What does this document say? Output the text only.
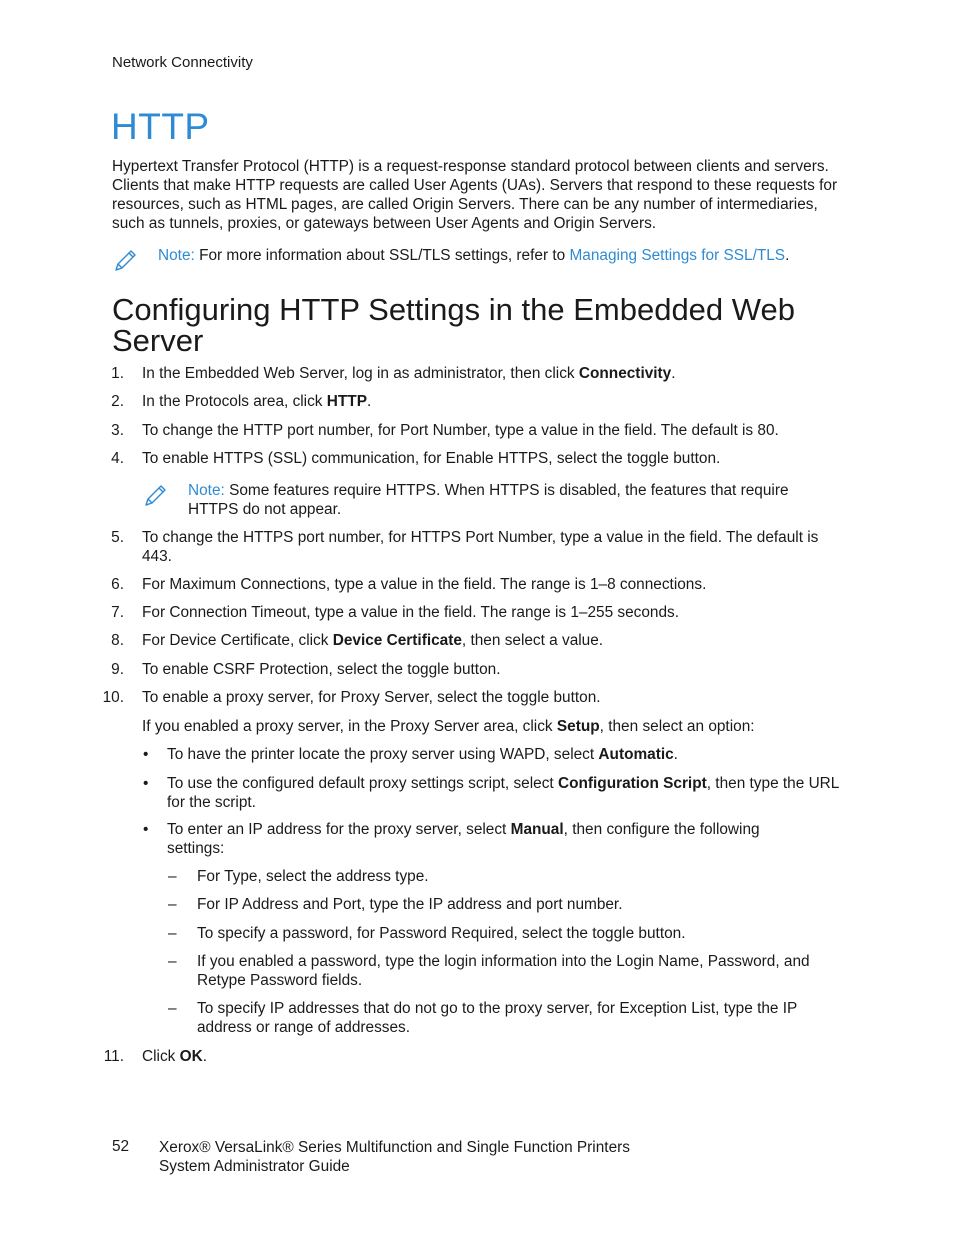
Network Connectivity
HTTP
Hypertext Transfer Protocol (HTTP) is a request-response standard protocol between clients and servers. Clients that make HTTP requests are called User Agents (UAs). Servers that respond to these requests for resources, such as HTML pages, are called Origin Servers. There can be any number of intermediaries, such as tunnels, proxies, or gateways between User Agents and Origin Servers.
Note: For more information about SSL/TLS settings, refer to Managing Settings for SSL/TLS.
Configuring HTTP Settings in the Embedded Web Server
1. In the Embedded Web Server, log in as administrator, then click Connectivity.
2. In the Protocols area, click HTTP.
3. To change the HTTP port number, for Port Number, type a value in the field. The default is 80.
4. To enable HTTPS (SSL) communication, for Enable HTTPS, select the toggle button.
Note: Some features require HTTPS. When HTTPS is disabled, the features that require HTTPS do not appear.
5. To change the HTTPS port number, for HTTPS Port Number, type a value in the field. The default is 443.
6. For Maximum Connections, type a value in the field. The range is 1–8 connections.
7. For Connection Timeout, type a value in the field. The range is 1–255 seconds.
8. For Device Certificate, click Device Certificate, then select a value.
9. To enable CSRF Protection, select the toggle button.
10. To enable a proxy server, for Proxy Server, select the toggle button.
If you enabled a proxy server, in the Proxy Server area, click Setup, then select an option:
• To have the printer locate the proxy server using WAPD, select Automatic.
• To use the configured default proxy settings script, select Configuration Script, then type the URL for the script.
• To enter an IP address for the proxy server, select Manual, then configure the following settings:
– For Type, select the address type.
– For IP Address and Port, type the IP address and port number.
– To specify a password, for Password Required, select the toggle button.
– If you enabled a password, type the login information into the Login Name, Password, and Retype Password fields.
– To specify IP addresses that do not go to the proxy server, for Exception List, type the IP address or range of addresses.
11. Click OK.
52 Xerox® VersaLink® Series Multifunction and Single Function Printers
System Administrator Guide
